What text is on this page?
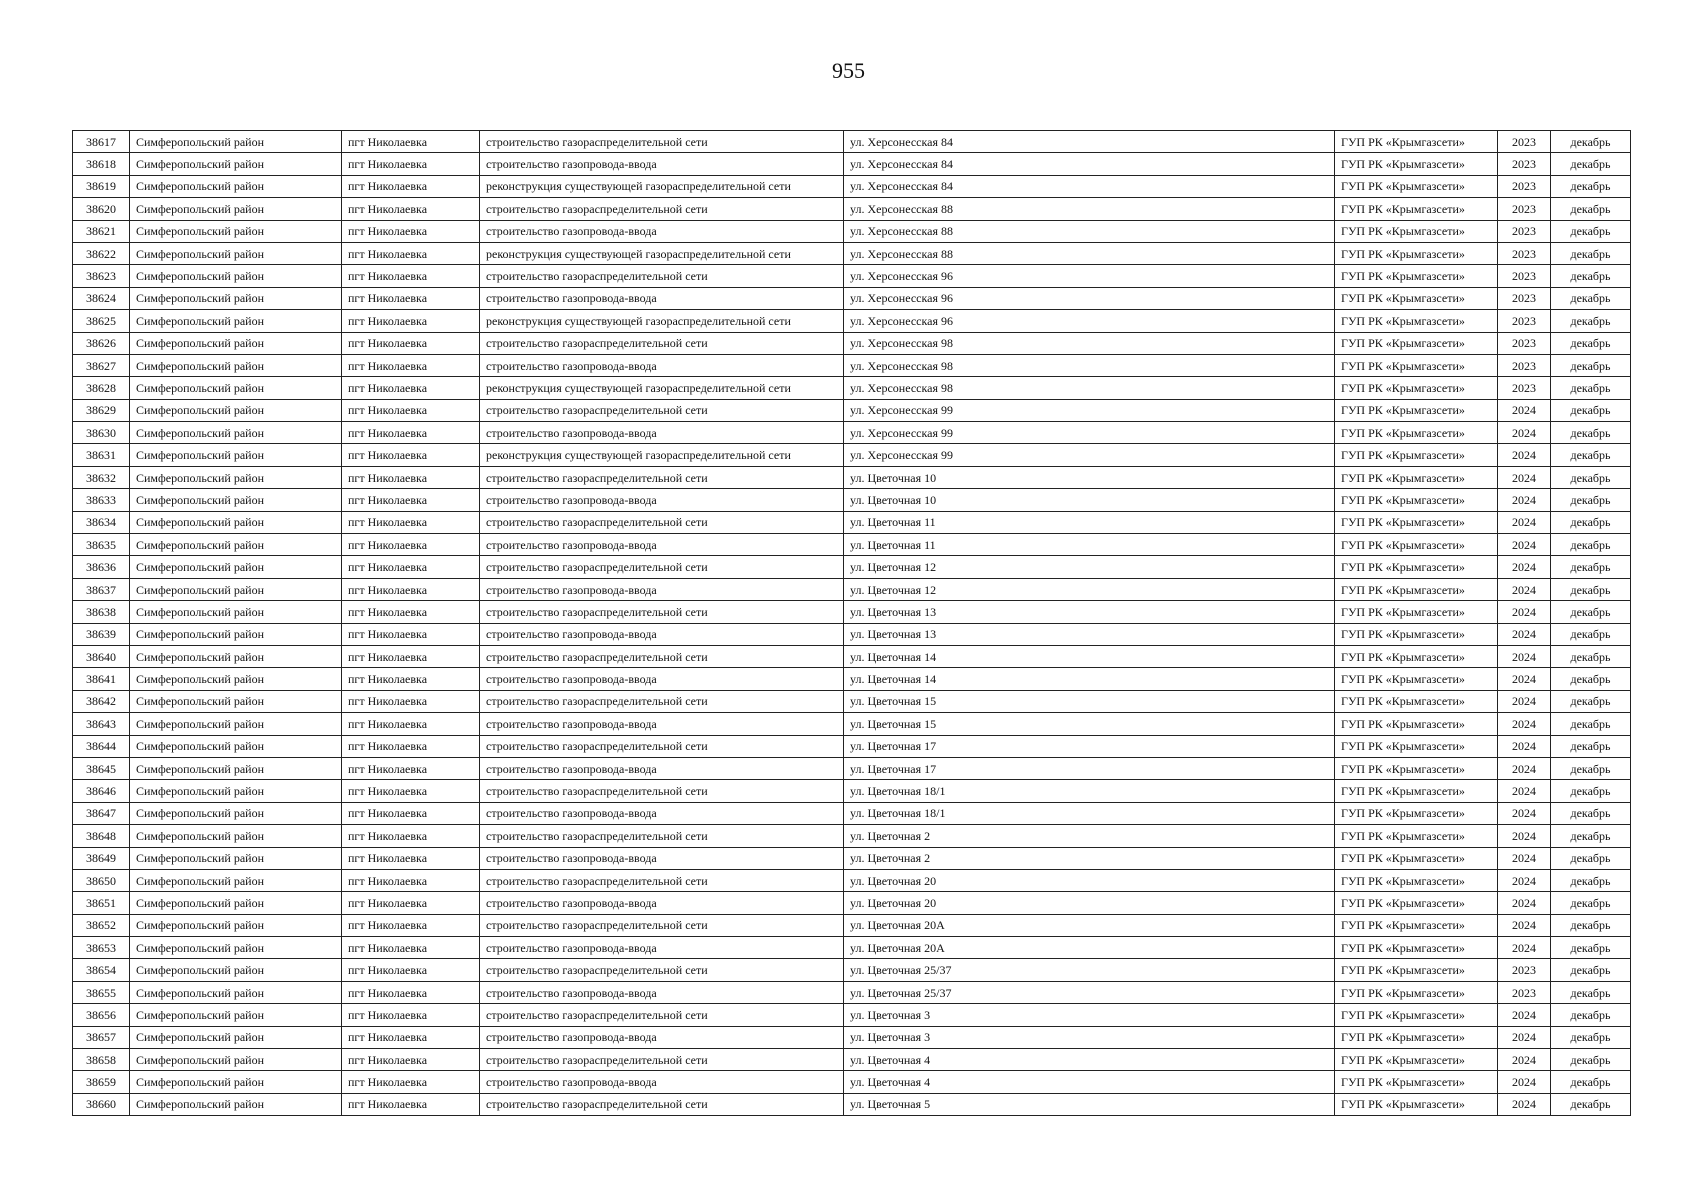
955
38617	Симферопольский район	пгт Николаевка	строительство газораспределительной сети	ул. Херсонесская 84	ГУП РК «Крымгазсети»	2023	декабрь
38618	Симферопольский район	пгт Николаевка	строительство газопровода-ввода	ул. Херсонесская 84	ГУП РК «Крымгазсети»	2023	декабрь
38619	Симферопольский район	пгт Николаевка	реконструкция существующей газораспределительной сети	ул. Херсонесская 84	ГУП РК «Крымгазсети»	2023	декабрь
38620	Симферопольский район	пгт Николаевка	строительство газораспределительной сети	ул. Херсонесская 88	ГУП РК «Крымгазсети»	2023	декабрь
38621	Симферопольский район	пгт Николаевка	строительство газопровода-ввода	ул. Херсонесская 88	ГУП РК «Крымгазсети»	2023	декабрь
38622	Симферопольский район	пгт Николаевка	реконструкция существующей газораспределительной сети	ул. Херсонесская 88	ГУП РК «Крымгазсети»	2023	декабрь
38623	Симферопольский район	пгт Николаевка	строительство газораспределительной сети	ул. Херсонесская 96	ГУП РК «Крымгазсети»	2023	декабрь
38624	Симферопольский район	пгт Николаевка	строительство газопровода-ввода	ул. Херсонесская 96	ГУП РК «Крымгазсети»	2023	декабрь
38625	Симферопольский район	пгт Николаевка	реконструкция существующей газораспределительной сети	ул. Херсонесская 96	ГУП РК «Крымгазсети»	2023	декабрь
38626	Симферопольский район	пгт Николаевка	строительство газораспределительной сети	ул. Херсонесская 98	ГУП РК «Крымгазсети»	2023	декабрь
38627	Симферопольский район	пгт Николаевка	строительство газопровода-ввода	ул. Херсонесская 98	ГУП РК «Крымгазсети»	2023	декабрь
38628	Симферопольский район	пгт Николаевка	реконструкция существующей газораспределительной сети	ул. Херсонесская 98	ГУП РК «Крымгазсети»	2023	декабрь
38629	Симферопольский район	пгт Николаевка	строительство газораспределительной сети	ул. Херсонесская 99	ГУП РК «Крымгазсети»	2024	декабрь
38630	Симферопольский район	пгт Николаевка	строительство газопровода-ввода	ул. Херсонесская 99	ГУП РК «Крымгазсети»	2024	декабрь
38631	Симферопольский район	пгт Николаевка	реконструкция существующей газораспределительной сети	ул. Херсонесская 99	ГУП РК «Крымгазсети»	2024	декабрь
38632	Симферопольский район	пгт Николаевка	строительство газораспределительной сети	ул. Цветочная 10	ГУП РК «Крымгазсети»	2024	декабрь
38633	Симферопольский район	пгт Николаевка	строительство газопровода-ввода	ул. Цветочная 10	ГУП РК «Крымгазсети»	2024	декабрь
38634	Симферопольский район	пгт Николаевка	строительство газораспределительной сети	ул. Цветочная 11	ГУП РК «Крымгазсети»	2024	декабрь
38635	Симферопольский район	пгт Николаевка	строительство газопровода-ввода	ул. Цветочная 11	ГУП РК «Крымгазсети»	2024	декабрь
38636	Симферопольский район	пгт Николаевка	строительство газораспределительной сети	ул. Цветочная 12	ГУП РК «Крымгазсети»	2024	декабрь
38637	Симферопольский район	пгт Николаевка	строительство газопровода-ввода	ул. Цветочная 12	ГУП РК «Крымгазсети»	2024	декабрь
38638	Симферопольский район	пгт Николаевка	строительство газораспределительной сети	ул. Цветочная 13	ГУП РК «Крымгазсети»	2024	декабрь
38639	Симферопольский район	пгт Николаевка	строительство газопровода-ввода	ул. Цветочная 13	ГУП РК «Крымгазсети»	2024	декабрь
38640	Симферопольский район	пгт Николаевка	строительство газораспределительной сети	ул. Цветочная 14	ГУП РК «Крымгазсети»	2024	декабрь
38641	Симферопольский район	пгт Николаевка	строительство газопровода-ввода	ул. Цветочная 14	ГУП РК «Крымгазсети»	2024	декабрь
38642	Симферопольский район	пгт Николаевка	строительство газораспределительной сети	ул. Цветочная 15	ГУП РК «Крымгазсети»	2024	декабрь
38643	Симферопольский район	пгт Николаевка	строительство газопровода-ввода	ул. Цветочная 15	ГУП РК «Крымгазсети»	2024	декабрь
38644	Симферопольский район	пгт Николаевка	строительство газораспределительной сети	ул. Цветочная 17	ГУП РК «Крымгазсети»	2024	декабрь
38645	Симферопольский район	пгт Николаевка	строительство газопровода-ввода	ул. Цветочная 17	ГУП РК «Крымгазсети»	2024	декабрь
38646	Симферопольский район	пгт Николаевка	строительство газораспределительной сети	ул. Цветочная 18/1	ГУП РК «Крымгазсети»	2024	декабрь
38647	Симферопольский район	пгт Николаевка	строительство газопровода-ввода	ул. Цветочная 18/1	ГУП РК «Крымгазсети»	2024	декабрь
38648	Симферопольский район	пгт Николаевка	строительство газораспределительной сети	ул. Цветочная 2	ГУП РК «Крымгазсети»	2024	декабрь
38649	Симферопольский район	пгт Николаевка	строительство газопровода-ввода	ул. Цветочная 2	ГУП РК «Крымгазсети»	2024	декабрь
38650	Симферопольский район	пгт Николаевка	строительство газораспределительной сети	ул. Цветочная 20	ГУП РК «Крымгазсети»	2024	декабрь
38651	Симферопольский район	пгт Николаевка	строительство газопровода-ввода	ул. Цветочная 20	ГУП РК «Крымгазсети»	2024	декабрь
38652	Симферопольский район	пгт Николаевка	строительство газораспределительной сети	ул. Цветочная 20А	ГУП РК «Крымгазсети»	2024	декабрь
38653	Симферопольский район	пгт Николаевка	строительство газопровода-ввода	ул. Цветочная 20А	ГУП РК «Крымгазсети»	2024	декабрь
38654	Симферопольский район	пгт Николаевка	строительство газораспределительной сети	ул. Цветочная 25/37	ГУП РК «Крымгазсети»	2023	декабрь
38655	Симферопольский район	пгт Николаевка	строительство газопровода-ввода	ул. Цветочная 25/37	ГУП РК «Крымгазсети»	2023	декабрь
38656	Симферопольский район	пгт Николаевка	строительство газораспределительной сети	ул. Цветочная 3	ГУП РК «Крымгазсети»	2024	декабрь
38657	Симферопольский район	пгт Николаевка	строительство газопровода-ввода	ул. Цветочная 3	ГУП РК «Крымгазсети»	2024	декабрь
38658	Симферопольский район	пгт Николаевка	строительство газораспределительной сети	ул. Цветочная 4	ГУП РК «Крымгазсети»	2024	декабрь
38659	Симферопольский район	пгт Николаевка	строительство газопровода-ввода	ул. Цветочная 4	ГУП РК «Крымгазсети»	2024	декабрь
38660	Симферопольский район	пгт Николаевка	строительство газораспределительной сети	ул. Цветочная 5	ГУП РК «Крымгазсети»	2024	декабрь
